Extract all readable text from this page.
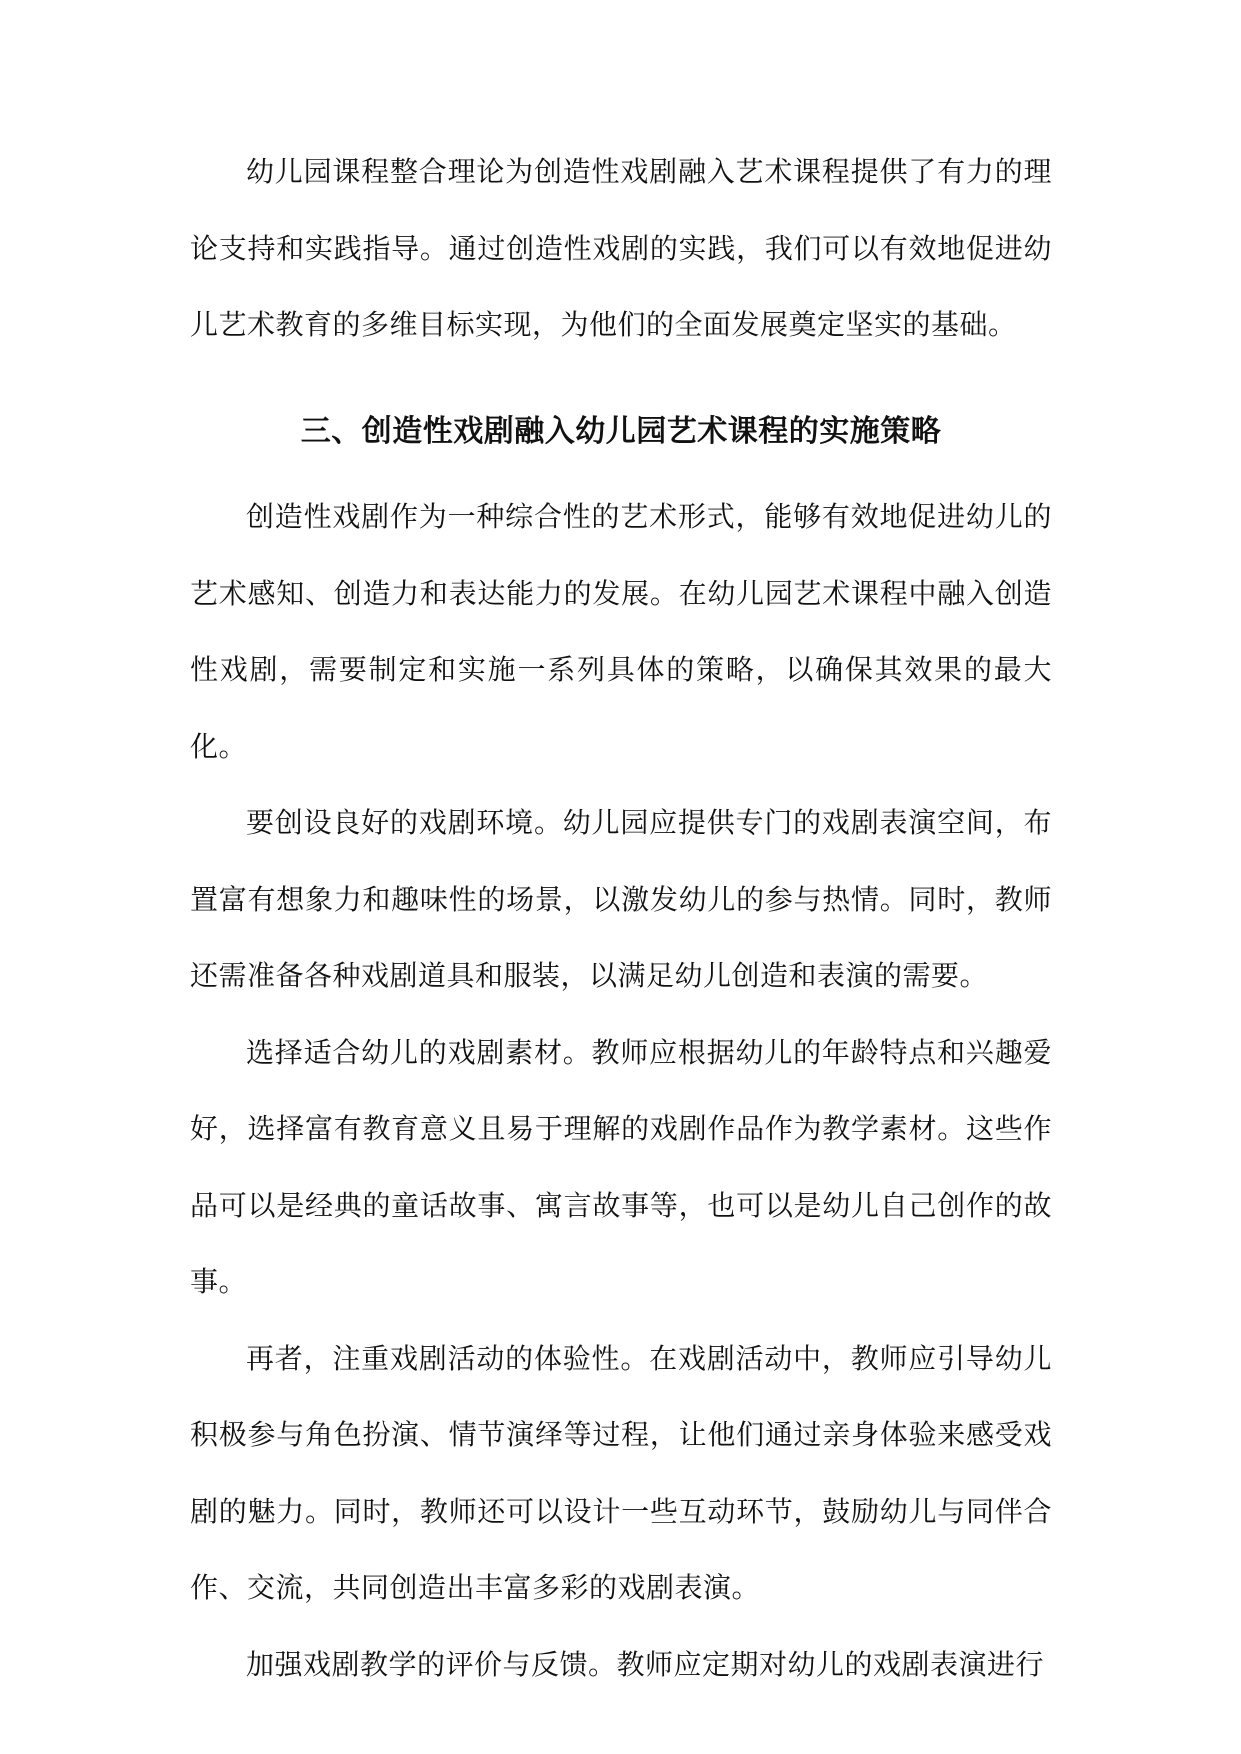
幼儿园课程整合理论为创造性戏剧融入艺术课程提供了有力的理论支持和实践指导。通过创造性戏剧的实践，我们可以有效地促进幼儿艺术教育的多维目标实现，为他们的全面发展奠定坚实的基础。

三、创造性戏剧融入幼儿园艺术课程的实施策略

创造性戏剧作为一种综合性的艺术形式，能够有效地促进幼儿的艺术感知、创造力和表达能力的发展。在幼儿园艺术课程中融入创造性戏剧，需要制定和实施一系列具体的策略，以确保其效果的最大化。

要创设良好的戏剧环境。幼儿园应提供专门的戏剧表演空间，布置富有想象力和趣味性的场景，以激发幼儿的参与热情。同时，教师还需准备各种戏剧道具和服装，以满足幼儿创造和表演的需要。

选择适合幼儿的戏剧素材。教师应根据幼儿的年龄特点和兴趣爱好，选择富有教育意义且易于理解的戏剧作品作为教学素材。这些作品可以是经典的童话故事、寓言故事等，也可以是幼儿自己创作的故事。

再者，注重戏剧活动的体验性。在戏剧活动中，教师应引导幼儿积极参与角色扮演、情节演绎等过程，让他们通过亲身体验来感受戏剧的魅力。同时，教师还可以设计一些互动环节，鼓励幼儿与同伴合作、交流，共同创造出丰富多彩的戏剧表演。

加强戏剧教学的评价与反馈。教师应定期对幼儿的戏剧表演进行
